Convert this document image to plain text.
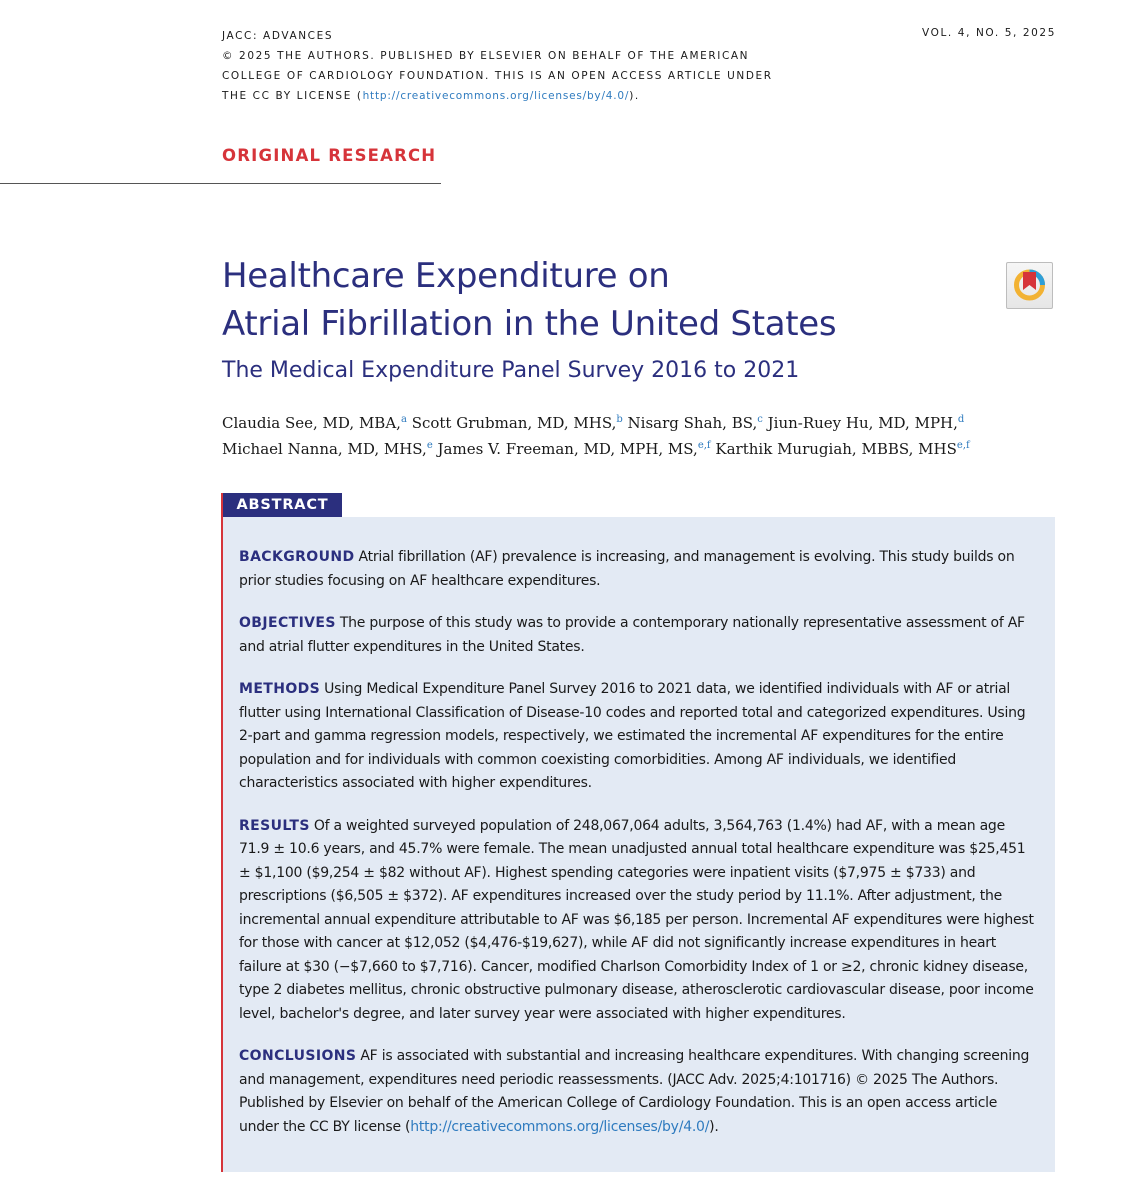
JACC: ADVANCES
© 2025 THE AUTHORS. PUBLISHED BY ELSEVIER ON BEHALF OF THE AMERICAN
COLLEGE OF CARDIOLOGY FOUNDATION. THIS IS AN OPEN ACCESS ARTICLE UNDER
THE CC BY LICENSE (http://creativecommons.org/licenses/by/4.0/).
VOL. 4, NO. 5, 2025
ORIGINAL RESEARCH
Healthcare Expenditure on
Atrial Fibrillation in the United States
The Medical Expenditure Panel Survey 2016 to 2021
Claudia See, MD, MBA,$^a$ Scott Grubman, MD, MHS,$^b$ Nisarg Shah, BS,$^c$ Jiun-Ruey Hu, MD, MPH,$^d$
Michael Nanna, MD, MHS,$^e$ James V. Freeman, MD, MPH, MS,$^{e,f}$ Karthik Murugiah, MBBS, MHS$^{e,f}$
ABSTRACT

BACKGROUND Atrial fibrillation (AF) prevalence is increasing, and management is evolving. This study builds on prior studies focusing on AF healthcare expenditures.

OBJECTIVES The purpose of this study was to provide a contemporary nationally representative assessment of AF and atrial flutter expenditures in the United States.

METHODS Using Medical Expenditure Panel Survey 2016 to 2021 data, we identified individuals with AF or atrial flutter using International Classification of Disease-10 codes and reported total and categorized expenditures. Using 2-part and gamma regression models, respectively, we estimated the incremental AF expenditures for the entire population and for individuals with common coexisting comorbidities. Among AF individuals, we identified characteristics associated with higher expenditures.

RESULTS Of a weighted surveyed population of 248,067,064 adults, 3,564,763 (1.4%) had AF, with a mean age 71.9 ± 10.6 years, and 45.7% were female. The mean unadjusted annual total healthcare expenditure was $25,451 ± $1,100 ($9,254 ± $82 without AF). Highest spending categories were inpatient visits ($7,975 ± $733) and prescriptions ($6,505 ± $372). AF expenditures increased over the study period by 11.1%. After adjustment, the incremental annual expenditure attributable to AF was $6,185 per person. Incremental AF expenditures were highest for those with cancer at $12,052 ($4,476-$19,627), while AF did not significantly increase expenditures in heart failure at $30 (−$7,660 to $7,716). Cancer, modified Charlson Comorbidity Index of 1 or ≥2, chronic kidney disease, type 2 diabetes mellitus, chronic obstructive pulmonary disease, atherosclerotic cardiovascular disease, poor income level, bachelor's degree, and later survey year were associated with higher expenditures.

CONCLUSIONS AF is associated with substantial and increasing healthcare expenditures. With changing screening and management, expenditures need periodic reassessments. (JACC Adv. 2025;4:101716) © 2025 The Authors. Published by Elsevier on behalf of the American College of Cardiology Foundation. This is an open access article under the CC BY license (http://creativecommons.org/licenses/by/4.0/).
